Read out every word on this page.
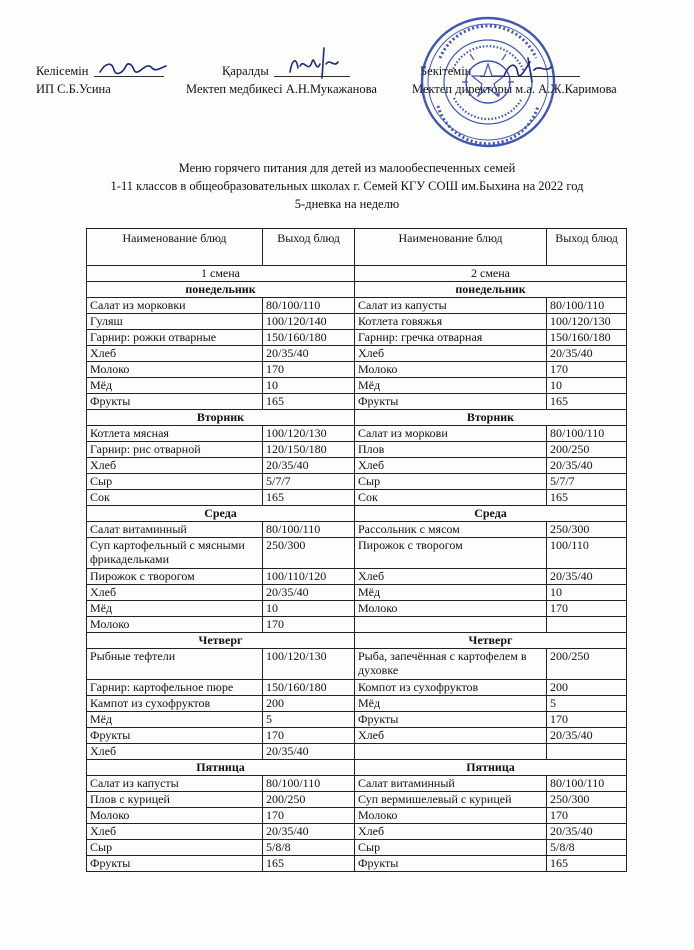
Келісемін
ИП С.Б.Усина
Қаралды
Мектеп медбикесі А.Н.Мукажанова
Бекітемін
Мектеп директоры м.а. А.Ж.Каримова
Меню горячего питания для детей из малообеспеченных семей
1-11 классов в общеобразовательных школах г. Семей КГУ СОШ им.Быхина на 2022 год
5-дневка на неделю
Наименование блюд	Выход блюд	Наименование блюд	Выход блюд
1 смена		2 смена	
понедельник		понедельник	
Салат из морковки	80/100/110	Салат из капусты	80/100/110
Гуляш	100/120/140	Котлета говяжья	100/120/130
Гарнир: рожки отварные	150/160/180	Гарнир: гречка отварная	150/160/180
Хлеб	20/35/40	Хлеб	20/35/40
Молоко	170	Молоко	170
Мёд	10	Мёд	10
Фрукты	165	Фрукты	165
Вторник		Вторник	
Котлета мясная	100/120/130	Салат из моркови	80/100/110
Гарнир: рис отварной	120/150/180	Плов	200/250
Хлеб	20/35/40	Хлеб	20/35/40
Сыр	5/7/7	Сыр	5/7/7
Сок	165	Сок	165
Среда		Среда	
Салат витаминный	80/100/110	Рассольник с мясом	250/300
Суп картофельный с мясными фрикадельками	250/300	Пирожок с творогом	100/110
Пирожок с творогом	100/110/120	Хлеб	20/35/40
Хлеб	20/35/40	Мёд	10
Мёд	10	Молоко	170
Молоко	170		
Четверг		Четверг	
Рыбные тефтели	100/120/130	Рыба, запечённая с картофелем в духовке	200/250
Гарнир: картофельное пюре	150/160/180	Компот из сухофруктов	200
Кампот из сухофруктов	200	Мёд	5
Мёд	5	Фрукты	170
Фрукты	170	Хлеб	20/35/40
Хлеб	20/35/40		
Пятница		Пятница	
Салат из капусты	80/100/110	Салат витаминный	80/100/110
Плов с курицей	200/250	Суп вермишелевый с курицей	250/300
Молоко	170	Молоко	170
Хлеб	20/35/40	Хлеб	20/35/40
Сыр	5/8/8	Сыр	5/8/8
Фрукты	165	Фрукты	165
